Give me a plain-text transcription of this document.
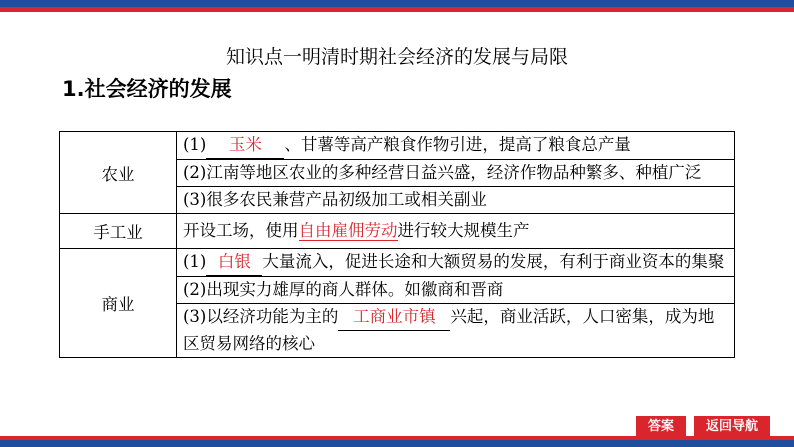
知识点一明清时期社会经济的发展与局限
1.社会经济的发展
农业	(1) 玉米 、甘薯等高产粮食作物引进，提高了粮食总产量
	(2)江南等地区农业的多种经营日益兴盛，经济作物品种繁多、种植广泛
	(3)很多农民兼营产品初级加工或相关副业
手工业	开设工场，使用自由雇佣劳动进行较大规模生产
商业	(1) 白银 大量流入，促进长途和大额贸易的发展，有利于商业资本的集聚
	(2)出现实力雄厚的商人群体。如徽商和晋商
	(3)以经济功能为主的 工商业市镇 兴起，商业活跃，人口密集，成为地区贸易网络的核心
答案	返回导航
